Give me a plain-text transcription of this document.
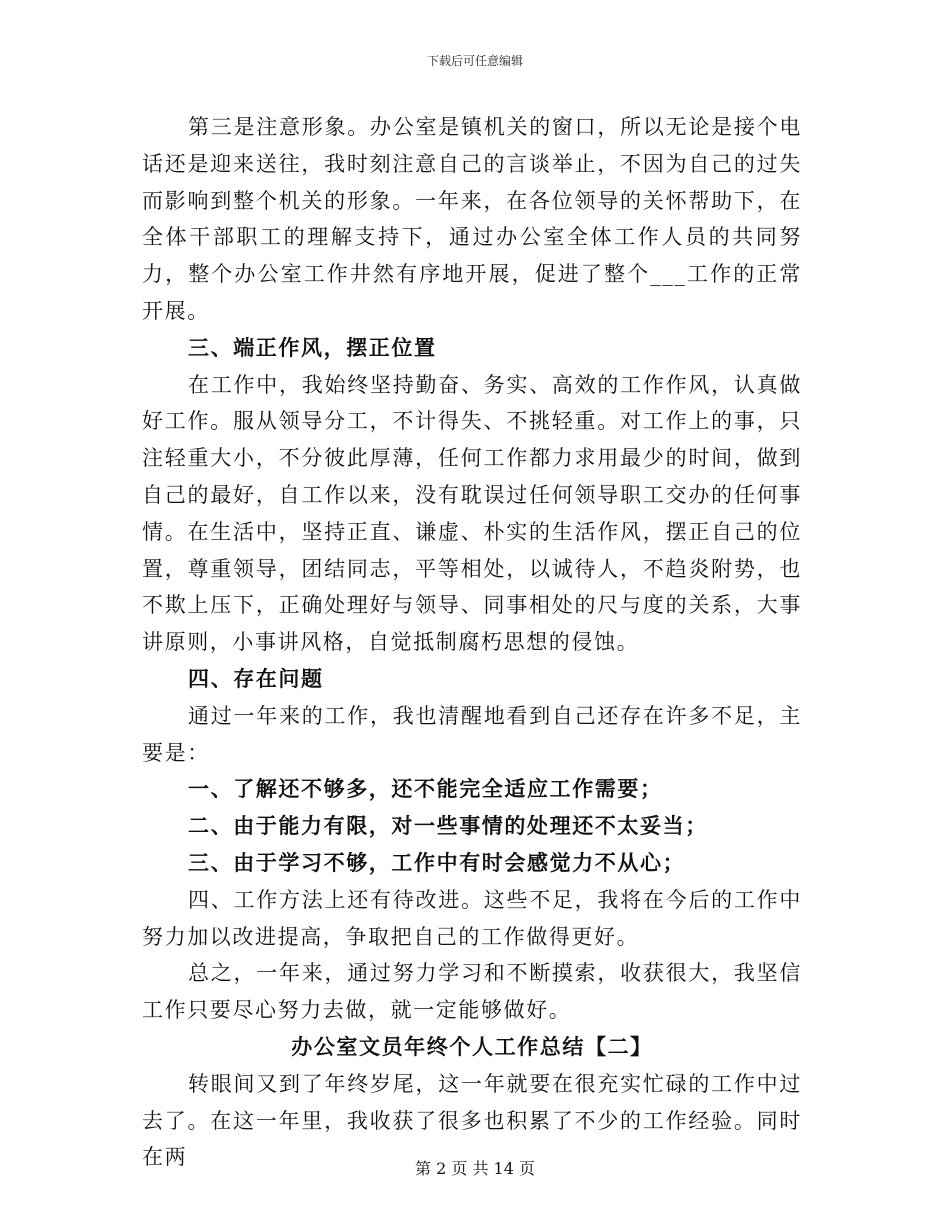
下载后可任意编辑

第三是注意形象。办公室是镇机关的窗口，所以无论是接个电话还是迎来送往，我时刻注意自己的言谈举止，不因为自己的过失而影响到整个机关的形象。一年来，在各位领导的关怀帮助下，在全体干部职工的理解支持下，通过办公室全体工作人员的共同努力，整个办公室工作井然有序地开展，促进了整个___工作的正常开展。

三、端正作风，摆正位置

在工作中，我始终坚持勤奋、务实、高效的工作作风，认真做好工作。服从领导分工，不计得失、不挑轻重。对工作上的事，只注轻重大小，不分彼此厚薄，任何工作都力求用最少的时间，做到自己的最好，自工作以来，没有耽误过任何领导职工交办的任何事情。在生活中，坚持正直、谦虚、朴实的生活作风，摆正自己的位置，尊重领导，团结同志，平等相处，以诚待人，不趋炎附势，也不欺上压下，正确处理好与领导、同事相处的尺与度的关系，大事讲原则，小事讲风格，自觉抵制腐朽思想的侵蚀。

四、存在问题

通过一年来的工作，我也清醒地看到自己还存在许多不足，主要是：

一、了解还不够多，还不能完全适应工作需要；

二、由于能力有限，对一些事情的处理还不太妥当；

三、由于学习不够，工作中有时会感觉力不从心；

四、工作方法上还有待改进。这些不足，我将在今后的工作中努力加以改进提高，争取把自己的工作做得更好。

总之，一年来，通过努力学习和不断摸索，收获很大，我坚信工作只要尽心努力去做，就一定能够做好。

办公室文员年终个人工作总结【二】

转眼间又到了年终岁尾，这一年就要在很充实忙碌的工作中过去了。在这一年里，我收获了很多也积累了不少的工作经验。同时在两	第 2 页 共 14 页
